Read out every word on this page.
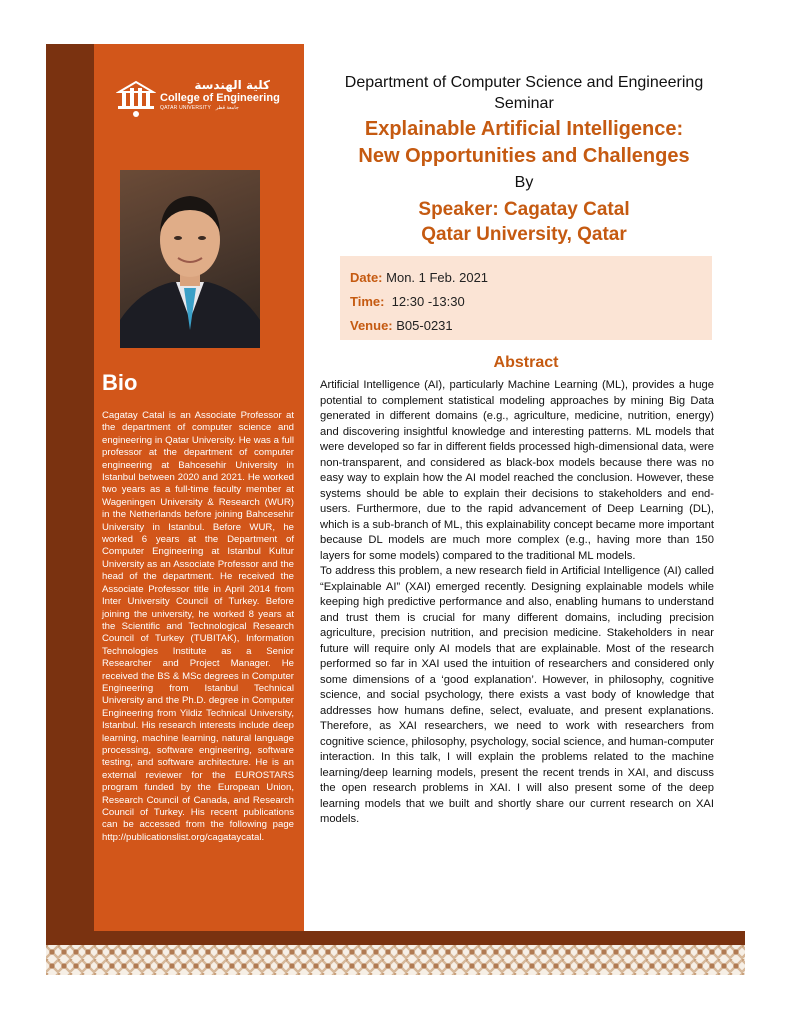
كلية الهندسة
College of Engineering
QATAR UNIVERSITY جامعة قطر
Bio
Cagatay Catal is an Associate Professor at the department of computer science and engineering in Qatar University. He was a full professor at the department of computer engineering at Bahcesehir University in Istanbul between 2020 and 2021. He worked two years as a full-time faculty member at Wageningen University & Research (WUR) in the Netherlands before joining Bahcesehir University in Istanbul. Before WUR, he worked 6 years at the Department of Computer Engineering at Istanbul Kultur University as an Associate Professor and the head of the department. He received the Associate Professor title in April 2014 from Inter University Council of Turkey. Before joining the university, he worked 8 years at the Scientific and Technological Research Council of Turkey (TUBITAK), Information Technologies Institute as a Senior Researcher and Project Manager. He received the BS & MSc degrees in Computer Engineering from Istanbul Technical University and the Ph.D. degree in Computer Engineering from Yildiz Technical University, Istanbul. His research interests include deep learning, machine learning, natural language processing, software engineering, software testing, and software architecture. He is an external reviewer for the EUROSTARS program funded by the European Union, Research Council of Canada, and Research Council of Turkey. His recent publications can be accessed from the following page http://publicationslist.org/cagataycatal.
Department of Computer Science and Engineering Seminar
Explainable Artificial Intelligence:
New Opportunities and Challenges
By
Speaker: Cagatay Catal
Qatar University, Qatar
Date: Mon. 1 Feb. 2021
Time: 12:30 -13:30
Venue: B05-0231
Abstract

Artificial Intelligence (AI), particularly Machine Learning (ML), provides a huge potential to complement statistical modeling approaches by mining Big Data generated in different domains (e.g., agriculture, medicine, nutrition, energy) and discovering insightful knowledge and interesting patterns. ML models that were developed so far in different fields processed high-dimensional data, were non-transparent, and considered as black-box models because there was no easy way to explain how the AI model reached the conclusion. However, these systems should be able to explain their decisions to stakeholders and end-users. Furthermore, due to the rapid advancement of Deep Learning (DL), which is a sub-branch of ML, this explainability concept became more important because DL models are much more complex (e.g., having more than 150 layers for some models) compared to the traditional ML models.

To address this problem, a new research field in Artificial Intelligence (AI) called “Explainable AI” (XAI) emerged recently. Designing explainable models while keeping high predictive performance and also, enabling humans to understand and trust them is crucial for many different domains, including precision agriculture, precision nutrition, and precision medicine. Stakeholders in near future will require only AI models that are explainable. Most of the research performed so far in XAI used the intuition of researchers and considered only some dimensions of a ‘good explanation’. However, in philosophy, cognitive science, and social psychology, there exists a vast body of knowledge that addresses how humans define, select, evaluate, and present explanations. Therefore, as XAI researchers, we need to work with researchers from cognitive science, philosophy, psychology, social science, and human-computer interaction. In this talk, I will explain the problems related to the machine learning/deep learning models, present the recent trends in XAI, and discuss the open research problems in XAI. I will also present some of the deep learning models that we built and shortly share our current research on XAI models.
